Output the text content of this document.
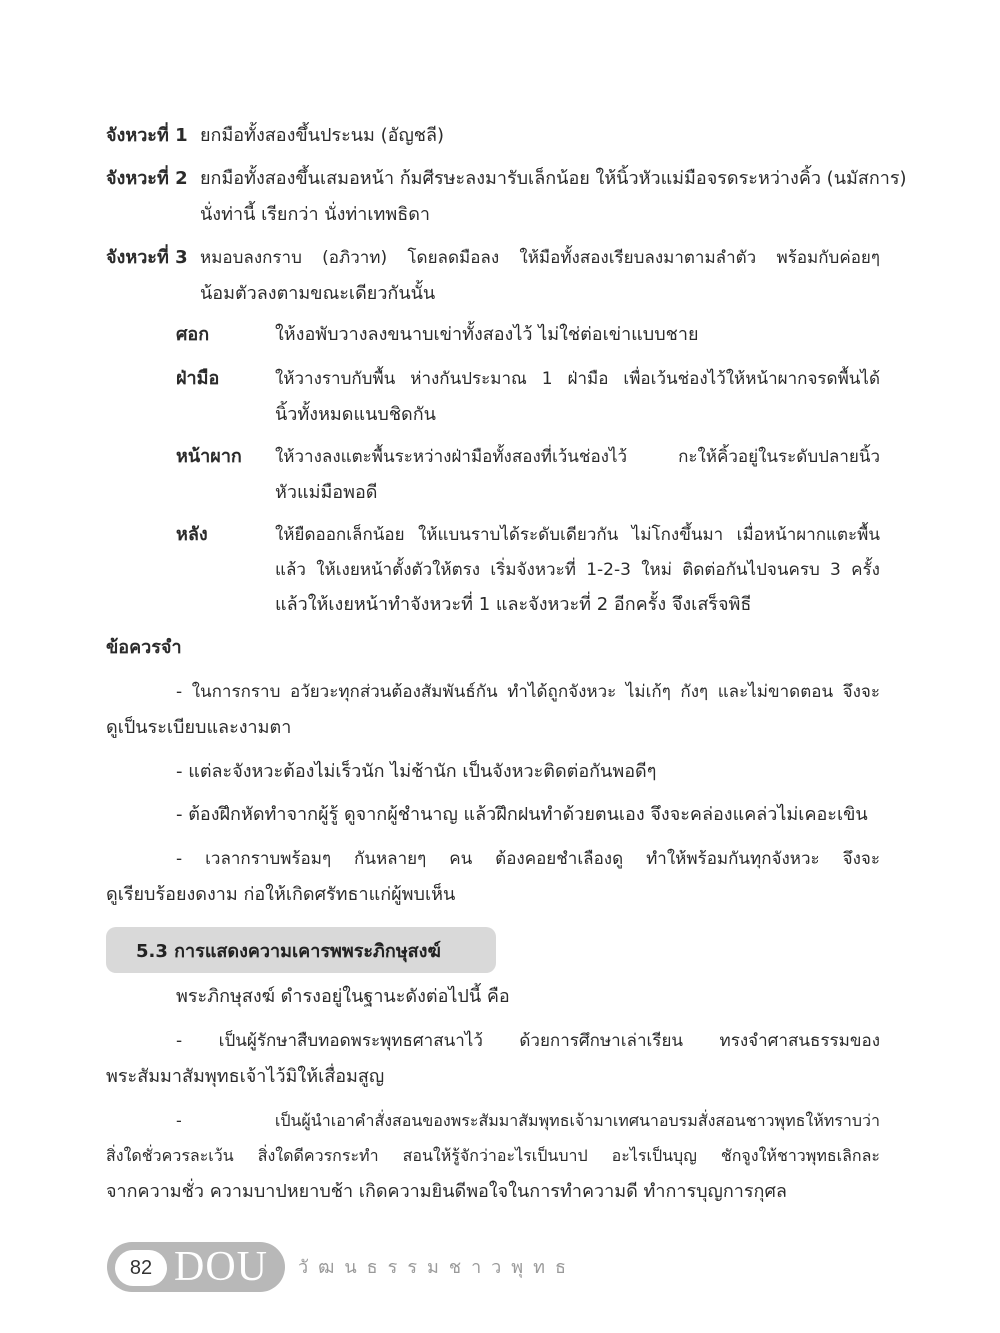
จังหวะที่ 1 ยกมือทั้งสองขึ้นประนม (อัญชลี)
จังหวะที่ 2 ยกมือทั้งสองขึ้นเสมอหน้า ก้มศีรษะลงมารับเล็กน้อย ให้นิ้วหัวแม่มือจรดระหว่างคิ้ว (นมัสการ)
นั่งท่านี้ เรียกว่า นั่งท่าเทพธิดา
จังหวะที่ 3 หมอบลงกราบ (อภิวาท) โดยลดมือลง ให้มือทั้งสองเรียบลงมาตามลำตัว พร้อมกับค่อยๆ
น้อมตัวลงตามขณะเดียวกันนั้น
ศอก	ให้งอพับวางลงขนาบเข่าทั้งสองไว้ ไม่ใช่ต่อเข่าแบบชาย
ฝ่ามือ	ให้วางราบกับพื้น ห่างกันประมาณ 1 ฝ่ามือ เพื่อเว้นช่องไว้ให้หน้าผากจรดพื้นได้
นิ้วทั้งหมดแนบชิดกัน
หน้าผาก ให้วางลงแตะพื้นระหว่างฝ่ามือทั้งสองที่เว้นช่องไว้ กะให้คิ้วอยู่ในระดับปลายนิ้ว
หัวแม่มือพอดี
หลัง	ให้ยืดออกเล็กน้อย ให้แบนราบได้ระดับเดียวกัน ไม่โกงขึ้นมา เมื่อหน้าผากแตะพื้น
แล้ว ให้เงยหน้าตั้งตัวให้ตรง เริ่มจังหวะที่ 1-2-3 ใหม่ ติดต่อกันไปจนครบ 3 ครั้ง
แล้วให้เงยหน้าทำจังหวะที่ 1 และจังหวะที่ 2 อีกครั้ง จึงเสร็จพิธี
ข้อควรจำ
- ในการกราบ อวัยวะทุกส่วนต้องสัมพันธ์กัน ทำได้ถูกจังหวะ ไม่เก้ๆ กังๆ และไม่ขาดตอน จึงจะ
ดูเป็นระเบียบและงามตา
- แต่ละจังหวะต้องไม่เร็วนัก ไม่ช้านัก เป็นจังหวะติดต่อกันพอดีๆ
- ต้องฝึกหัดทำจากผู้รู้ ดูจากผู้ชำนาญ แล้วฝึกฝนทำด้วยตนเอง จึงจะคล่องแคล่วไม่เคอะเขิน
- เวลากราบพร้อมๆ กันหลายๆ คน ต้องคอยชำเลืองดู ทำให้พร้อมกันทุกจังหวะ จึงจะ
ดูเรียบร้อยงดงาม ก่อให้เกิดศรัทธาแก่ผู้พบเห็น
5.3 การแสดงความเคารพพระภิกษุสงฆ์
พระภิกษุสงฆ์ ดำรงอยู่ในฐานะดังต่อไปนี้ คือ
- เป็นผู้รักษาสืบทอดพระพุทธศาสนาไว้ ด้วยการศึกษาเล่าเรียน ทรงจำศาสนธรรมของ
พระสัมมาสัมพุทธเจ้าไว้มิให้เสื่อมสูญ
- เป็นผู้นำเอาคำสั่งสอนของพระสัมมาสัมพุทธเจ้ามาเทศนาอบรมสั่งสอนชาวพุทธให้ทราบว่า
สิ่งใดชั่วควรละเว้น สิ่งใดดีควรกระทำ สอนให้รู้จักว่าอะไรเป็นบาป อะไรเป็นบุญ ชักจูงให้ชาวพุทธเลิกละ
จากความชั่ว ความบาปหยาบช้า เกิดความยินดีพอใจในการทำความดี ทำการบุญการกุศล
82 DOU วัฒนธรรมชาวพุทธ
